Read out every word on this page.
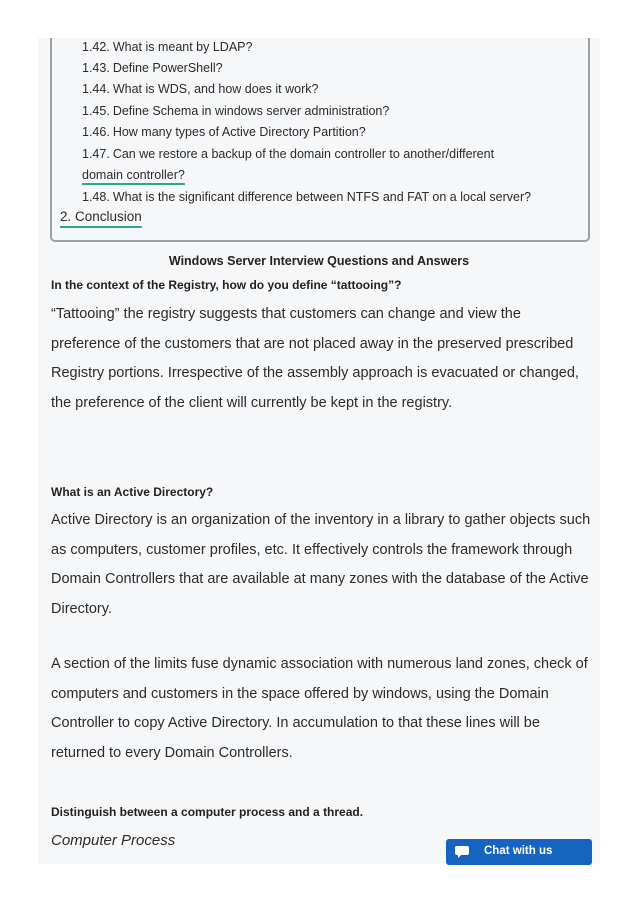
1.42. What is meant by LDAP?
1.43. Define PowerShell?
1.44. What is WDS, and how does it work?
1.45. Define Schema in windows server administration?
1.46. How many types of Active Directory Partition?
1.47. Can we restore a backup of the domain controller to another/different
domain controller?
1.48. What is the significant difference between NTFS and FAT on a local server?
2. Conclusion
Windows Server Interview Questions and Answers
In the context of the Registry, how do you define “tattooing”?

“Tattooing” the registry suggests that customers can change and view the preference of the customers that are not placed away in the preserved prescribed Registry portions. Irrespective of the assembly approach is evacuated or changed, the preference of the client will currently be kept in the registry.

What is an Active Directory?

Active Directory is an organization of the inventory in a library to gather objects such as computers, customer profiles, etc. It effectively controls the framework through Domain Controllers that are available at many zones with the database of the Active Directory.

A section of the limits fuse dynamic association with numerous land zones, check of computers and customers in the space offered by windows, using the Domain Controller to copy Active Directory. In accumulation to that these lines will be returned to every Domain Controllers.

Distinguish between a computer process and a thread.
Computer Process
Chat with us
